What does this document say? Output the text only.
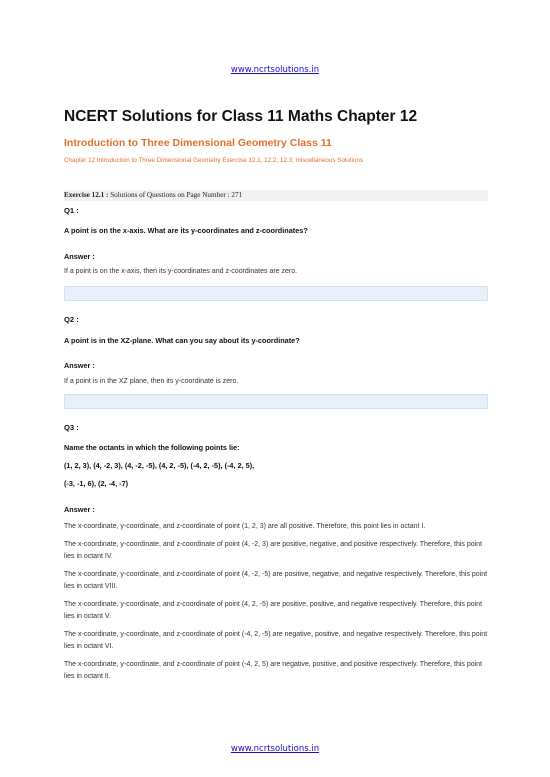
www.ncrtsolutions.in
NCERT Solutions for Class 11 Maths Chapter 12
Introduction to Three Dimensional Geometry Class 11
Chapter 12 Introduction to Three Dimensional Geometry Exercise 12.1, 12.2, 12.3, miscellaneous Solutions
Exercise 12.1 : Solutions of Questions on Page Number : 271
Q1 :
A point is on the x-axis. What are its y-coordinates and z-coordinates?
Answer :
If a point is on the x-axis, then its y-coordinates and z-coordinates are zero.
Q2 :
A point is in the XZ-plane. What can you say about its y-coordinate?
Answer :
If a point is in the XZ plane, then its y-coordinate is zero.
Q3 :
Name the octants in which the following points lie:
(1, 2, 3), (4, -2, 3), (4, -2, -5), (4, 2, -5), (-4, 2, -5), (-4, 2, 5),
(-3, -1, 6), (2, -4, -7)
Answer :
The x-coordinate, y-coordinate, and z-coordinate of point (1, 2, 3) are all positive. Therefore, this point lies in octant I.
The x-coordinate, y-coordinate, and z-coordinate of point (4, -2, 3) are positive, negative, and positive respectively. Therefore, this point lies in octant IV.
The x-coordinate, y-coordinate, and z-coordinate of point (4, -2, -5) are positive, negative, and negative respectively. Therefore, this point lies in octant VIII.
The x-coordinate, y-coordinate, and z-coordinate of point (4, 2, -5) are positive, positive, and negative respectively. Therefore, this point lies in octant V.
The x-coordinate, y-coordinate, and z-coordinate of point (-4, 2, -5) are negative, positive, and negative respectively. Therefore, this point lies in octant VI.
The x-coordinate, y-coordinate, and z-coordinate of point (-4, 2, 5) are negative, positive, and positive respectively. Therefore, this point lies in octant II.
www.ncrtsolutions.in
